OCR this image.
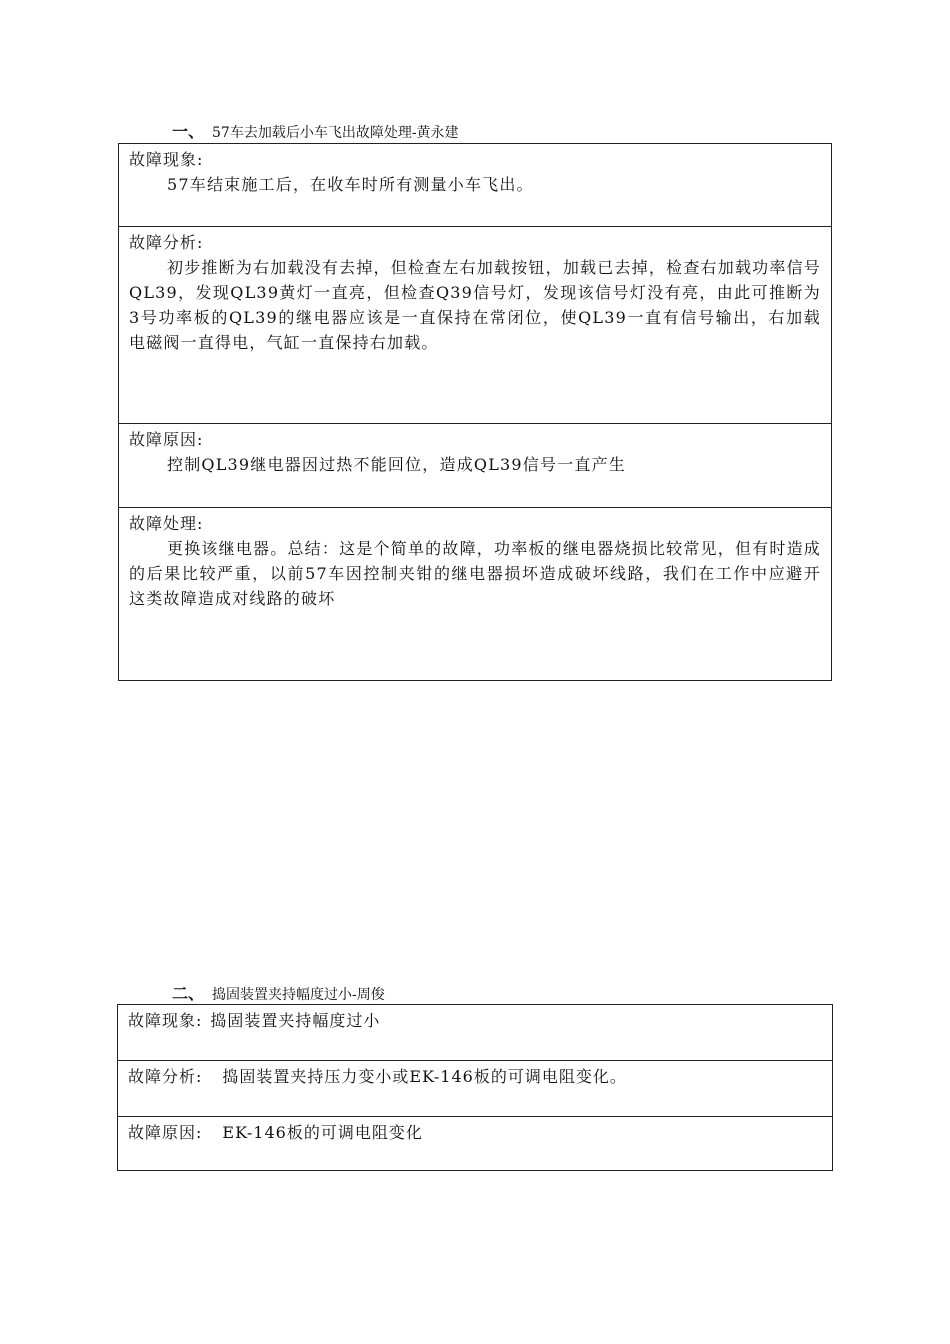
一、 57车去加载后小车飞出故障处理-黄永建
故障现象:
57车结束施工后，在收车时所有测量小车飞出。
故障分析:
初步推断为右加载没有去掉，但检查左右加载按钮，加载已去掉，检查右加载功率信号QL39，发现QL39黄灯一直亮，但检查Q39信号灯，发现该信号灯没有亮，由此可推断为3号功率板的QL39的继电器应该是一直保持在常闭位，使QL39一直有信号输出，右加载电磁阀一直得电，气缸一直保持右加载。
故障原因:
控制QL39继电器因过热不能回位，造成QL39信号一直产生
故障处理:
更换该继电器。总结：这是个简单的故障，功率板的继电器烧损比较常见，但有时造成的后果比较严重，以前57车因控制夹钳的继电器损坏造成破坏线路，我们在工作中应避开这类故障造成对线路的破坏
二、 捣固装置夹持幅度过小-周俊
故障现象: 捣固装置夹持幅度过小
故障分析: 捣固装置夹持压力变小或EK-146板的可调电阻变化。
故障原因: EK-146板的可调电阻变化
